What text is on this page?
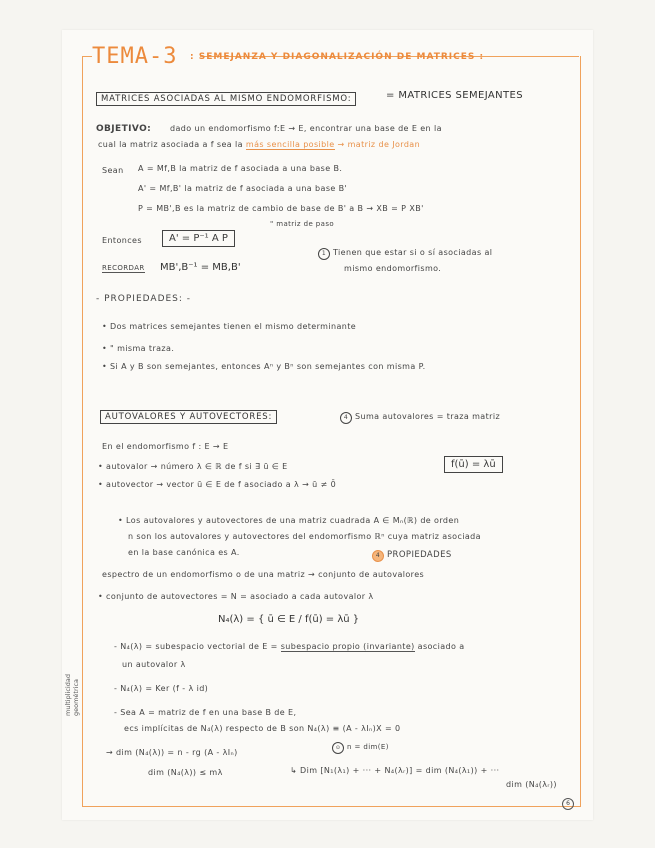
TEMA-3 : SEMEJANZA Y DIAGONALIZACIÓN DE MATRICES :
MATRICES ASOCIADAS AL MISMO ENDOMORFISMO:	= MATRICES SEMEJANTES
OBJETIVO: dado un endomorfismo f:E → E, encontrar una base de E en la
cual la matriz asociada a f sea la más sencilla posible → matriz de Jordan
Sean A = Mf,B la matriz de f asociada a una base B.
A' = Mf,B' la matriz de f asociada a una base B'
P = MB',B es la matriz de cambio de base de B' a B → XB = P XB'
" matriz de paso
Entonces	A' = P⁻¹ A P
1 Tienen que estar si o sí asociadas al
mismo endomorfismo.
RECORDAR MB',B⁻¹ = MB,B'
- PROPIEDADES: -
• Dos matrices semejantes tienen el mismo determinante
• " misma traza.
• Si A y B son semejantes, entonces Aⁿ y Bⁿ son semejantes con misma P.
AUTOVALORES Y AUTOVECTORES:	4 Suma autovalores = traza matriz
En el endomorfismo f : E → E
• autovalor → número λ ∈ ℝ de f si ∃ ū ∈ E
• autovector → vector ū ∈ E de f asociado a λ → ū ≠ 0̄
f(ū) = λū
• Los autovalores y autovectores de una matriz cuadrada A ∈ Mₙ(ℝ) de orden
n son los autovalores y autovectores del endomorfismo ℝⁿ cuya matriz asociada
en la base canónica es A.	4 PROPIEDADES
espectro de un endomorfismo o de una matriz → conjunto de autovalores
• conjunto de autovectores = N = asociado a cada autovalor λ
N₄(λ) = { ū ∈ E / f(ū) = λū }
- N₄(λ) = subespacio vectorial de E = subespacio propio (invariante) asociado a
un autovalor λ
- N₄(λ) = Ker (f - λ id)
- Sea A = matriz de f en una base B de E,
ecs implícitas de N₄(λ) respecto de B son N₄(λ) ≡ (A - λIₙ)X = 0
→ dim (N₄(λ)) = n - rg (A - λIₙ)	⊙ n = dim(E)
dim (N₄(λ)) ≤ mλ	↳ Dim [N₁(λ₁) + ··· + N₄(λᵣ)] = dim (N₄(λ₁)) + ···
dim (N₄(λᵣ))
multiplicidad geométrica
6
